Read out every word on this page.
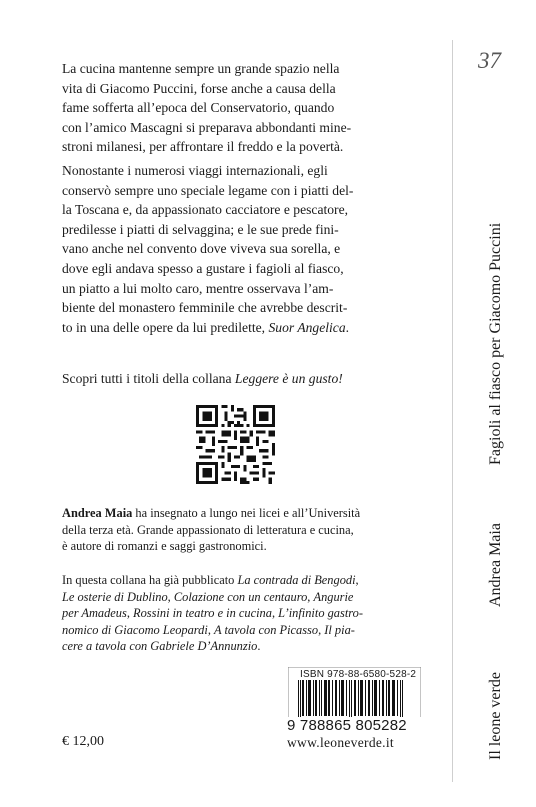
La cucina mantenne sempre un grande spazio nella
vita di Giacomo Puccini, forse anche a causa della
fame sofferta all’epoca del Conservatorio, quando
con l’amico Mascagni si preparava abbondanti mine-
stroni milanesi, per affrontare il freddo e la povertà.

Nonostante i numerosi viaggi internazionali, egli
conservò sempre uno speciale legame con i piatti del-
la Toscana e, da appassionato cacciatore e pescatore,
predilesse i piatti di selvaggina; e le sue prede fini-
vano anche nel convento dove viveva sua sorella, e
dove egli andava spesso a gustare i fagioli al fiasco,
un piatto a lui molto caro, mentre osservava l’am-
biente del monastero femminile che avrebbe descrit-
to in una delle opere da lui predilette, Suor Angelica.

Scopri tutti i titoli della collana Leggere è un gusto!

Andrea Maia ha insegnato a lungo nei licei e all’Università
della terza età. Grande appassionato di letteratura e cucina,
è autore di romanzi e saggi gastronomici.

In questa collana ha già pubblicato La contrada di Bengodi,
Le osterie di Dublino, Colazione con un centauro, Angurie
per Amadeus, Rossini in teatro e in cucina, L’infinito gastro-
nomico di Giacomo Leopardi, A tavola con Picasso, Il pia-
cere a tavola con Gabriele D’Annunzio.
ISBN 978-88-6580-528-2
9 788865 805282
€ 12,00	www.leoneverde.it
37
Fagioli al fiasco per Giacomo Puccini
Andrea Maia
Il leone verde
